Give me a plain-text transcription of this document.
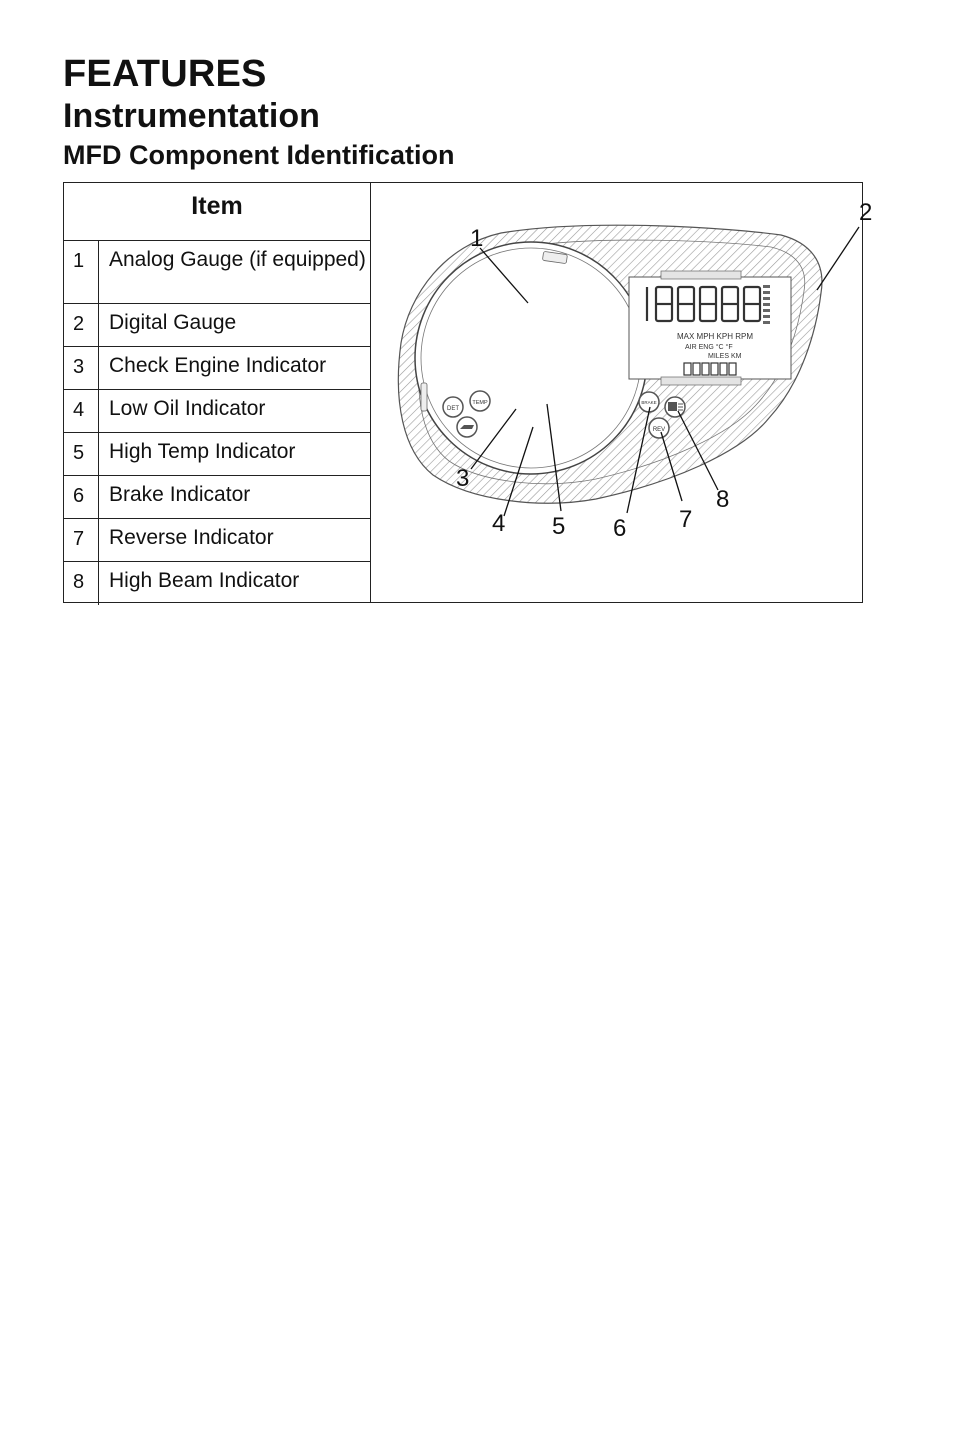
FEATURES
Instrumentation
MFD Component Identification
Item
1	Analog Gauge (if equipped)
2	Digital Gauge
3	Check Engine Indicator
4	Low Oil Indicator
5	High Temp Indicator
6	Brake Indicator
7	Reverse Indicator
8	High Beam Indicator
MAX MPH KPH RPM
AIR ENG °C °F
MILES KM
DET
TEMP	BRAKE
REV
1
2
3
4 5 6 7
8
